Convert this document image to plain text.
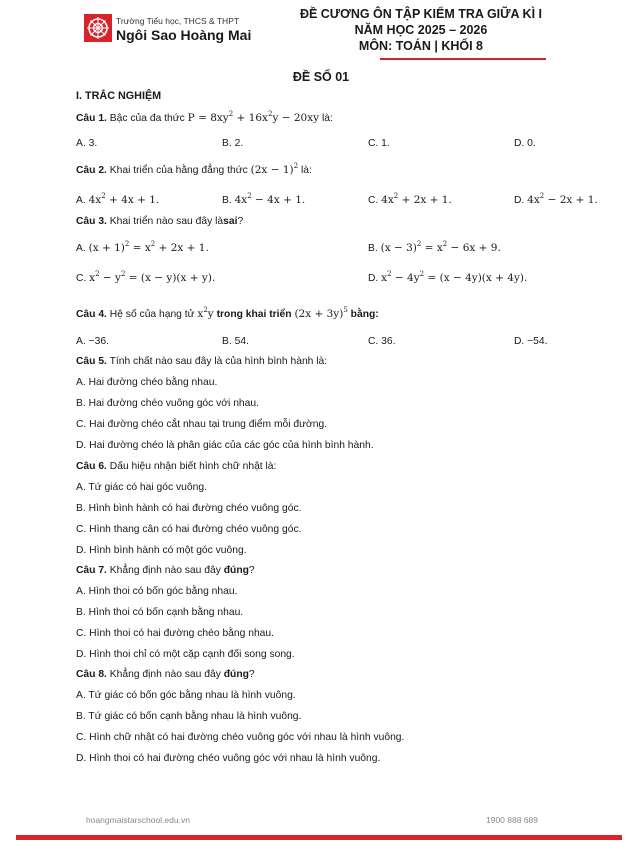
Trường Tiểu học, THCS & THPT
Ngôi Sao Hoàng Mai
ĐỀ CƯƠNG ÔN TẬP KIỂM TRA GIỮA KÌ I
NĂM HỌC 2025 – 2026
MÔN: TOÁN | KHỐI 8
ĐỀ SỐ 01
I. TRẮC NGHIỆM
Câu 1. Bậc của đa thức $P = 8xy^2 + 16x^2y - 20xy$ là:
A. 3.	B. 2.	C. 1.	D. 0.
Câu 2. Khai triển của hằng đẳng thức $(2x - 1)^2$ là:
A. $4x^2 + 4x + 1$.	B. $4x^2 - 4x + 1$.	C. $4x^2 + 2x + 1$.	D. $4x^2 - 2x + 1$.
Câu 3. Khai triển nào sau đây làsai?
A. $(x + 1)^2 = x^2 + 2x + 1$.	B. $(x - 3)^2 = x^2 - 6x + 9$.
C. $x^2 - y^2 = (x - y)(x + y)$.	D. $x^2 - 4y^2 = (x - 4y)(x + 4y)$.
Câu 4. Hệ số của hạng tử $x^2y$ trong khai triển $(2x + 3y)^5$ bằng:
A. −36.	B. 54.	C. 36.	D. −54.
Câu 5. Tính chất nào sau đây là của hình bình hành là:
A. Hai đường chéo bằng nhau.
B. Hai đường chéo vuông góc với nhau.
C. Hai đường chéo cắt nhau tại trung điểm mỗi đường.
D. Hai đường chéo là phân giác của các góc của hình bình hành.
Câu 6. Dấu hiệu nhận biết hình chữ nhật là:
A. Tứ giác có hai góc vuông.
B. Hình bình hành có hai đường chéo vuông góc.
C. Hình thang cân có hai đường chéo vuông góc.
D. Hình bình hành có một góc vuông.
Câu 7. Khẳng định nào sau đây đúng?
A. Hình thoi có bốn góc bằng nhau.
B. Hình thoi có bốn cạnh bằng nhau.
C. Hình thoi có hai đường chéo bằng nhau.
D. Hình thoi chỉ có một cặp cạnh đối song song.
Câu 8. Khẳng định nào sau đây đúng?
A. Tứ giác có bốn góc bằng nhau là hình vuông.
B. Tứ giác có bốn cạnh bằng nhau là hình vuông.
C. Hình chữ nhật có hai đường chéo vuông góc với nhau là hình vuông.
D. Hình thoi có hai đường chéo vuông góc với nhau là hình vuông.
hoangmaistarschool.edu.vn	1900 888 689
